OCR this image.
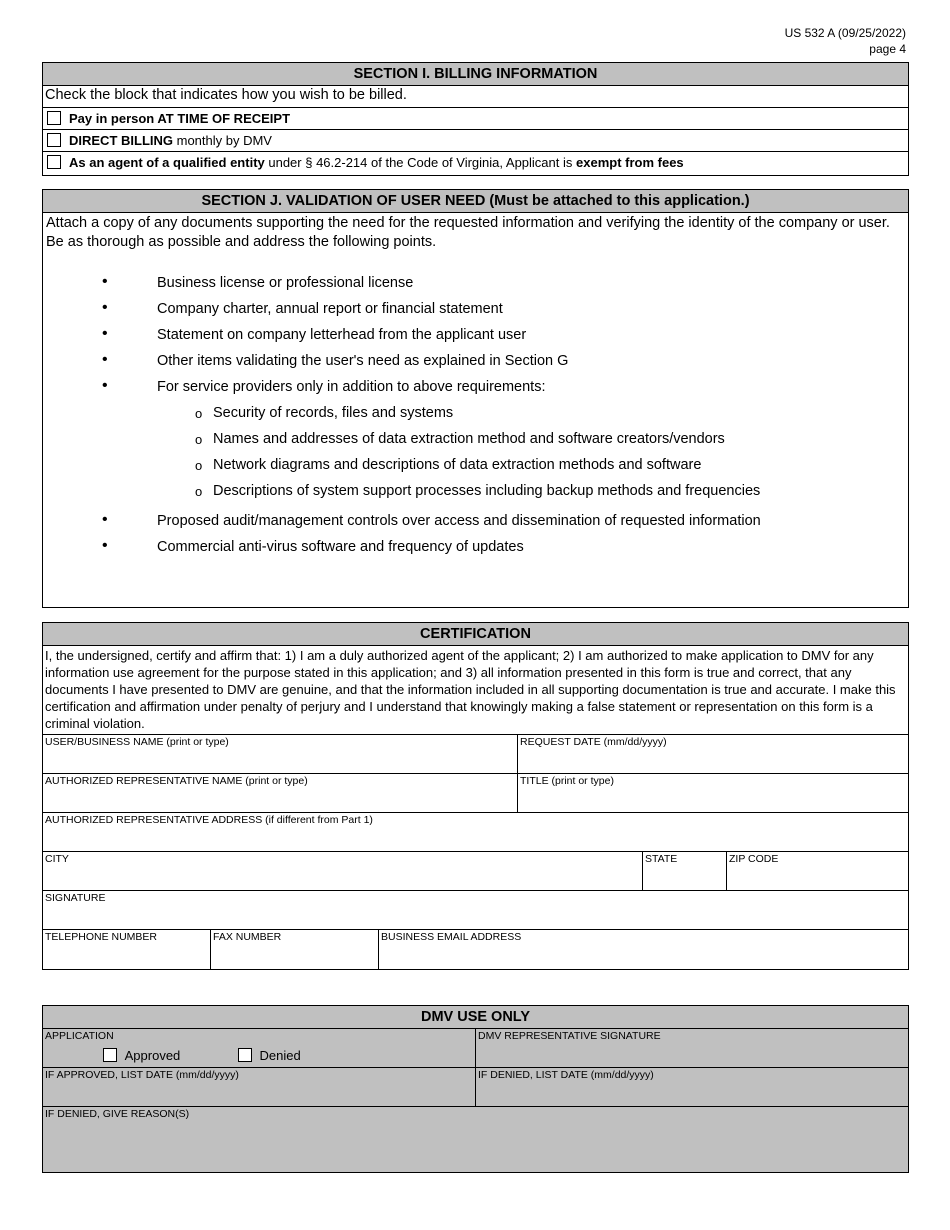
US 532 A (09/25/2022)
page 4
SECTION I. BILLING INFORMATION
Check the block that indicates how you wish to be billed.
Pay in person AT TIME OF RECEIPT
DIRECT BILLING monthly by DMV
As an agent of a qualified entity under § 46.2-214 of the Code of Virginia, Applicant is exempt from fees
SECTION J. VALIDATION OF USER NEED (Must be attached to this application.)
Attach a copy of any documents supporting the need for the requested information and verifying the identity of the company or user. Be as thorough as possible and address the following points.
•	Business license or professional license
•	Company charter, annual report or financial statement
•	Statement on company letterhead from the applicant user
•	Other items validating the user's need as explained in Section G
•	For service providers only in addition to above requirements:
o Security of records, files and systems
o Names and addresses of data extraction method and software creators/vendors
o Network diagrams and descriptions of data extraction methods and software
o Descriptions of system support processes including backup methods and frequencies
•	Proposed audit/management controls over access and dissemination of requested information
•	Commercial anti-virus software and frequency of updates
CERTIFICATION
I, the undersigned, certify and affirm that: 1) I am a duly authorized agent of the applicant; 2) I am authorized to make application to DMV for any information use agreement for the purpose stated in this application; and 3) all information presented in this form is true and correct, that any documents I have presented to DMV are genuine, and that the information included in all supporting documentation is true and accurate. I make this certification and affirmation under penalty of perjury and I understand that knowingly making a false statement or representation on this form is a criminal violation.
USER/BUSINESS NAME (print or type)	REQUEST DATE (mm/dd/yyyy)
AUTHORIZED REPRESENTATIVE NAME (print or type)	TITLE (print or type)
AUTHORIZED REPRESENTATIVE ADDRESS (if different from Part 1)
CITY	STATE	ZIP CODE
SIGNATURE
TELEPHONE NUMBER	FAX NUMBER	BUSINESS EMAIL ADDRESS
DMV USE ONLY
APPLICATION
Approved	Denied
DMV REPRESENTATIVE SIGNATURE
IF APPROVED, LIST DATE (mm/dd/yyyy)	IF DENIED, LIST DATE (mm/dd/yyyy)
IF DENIED, GIVE REASON(S)
